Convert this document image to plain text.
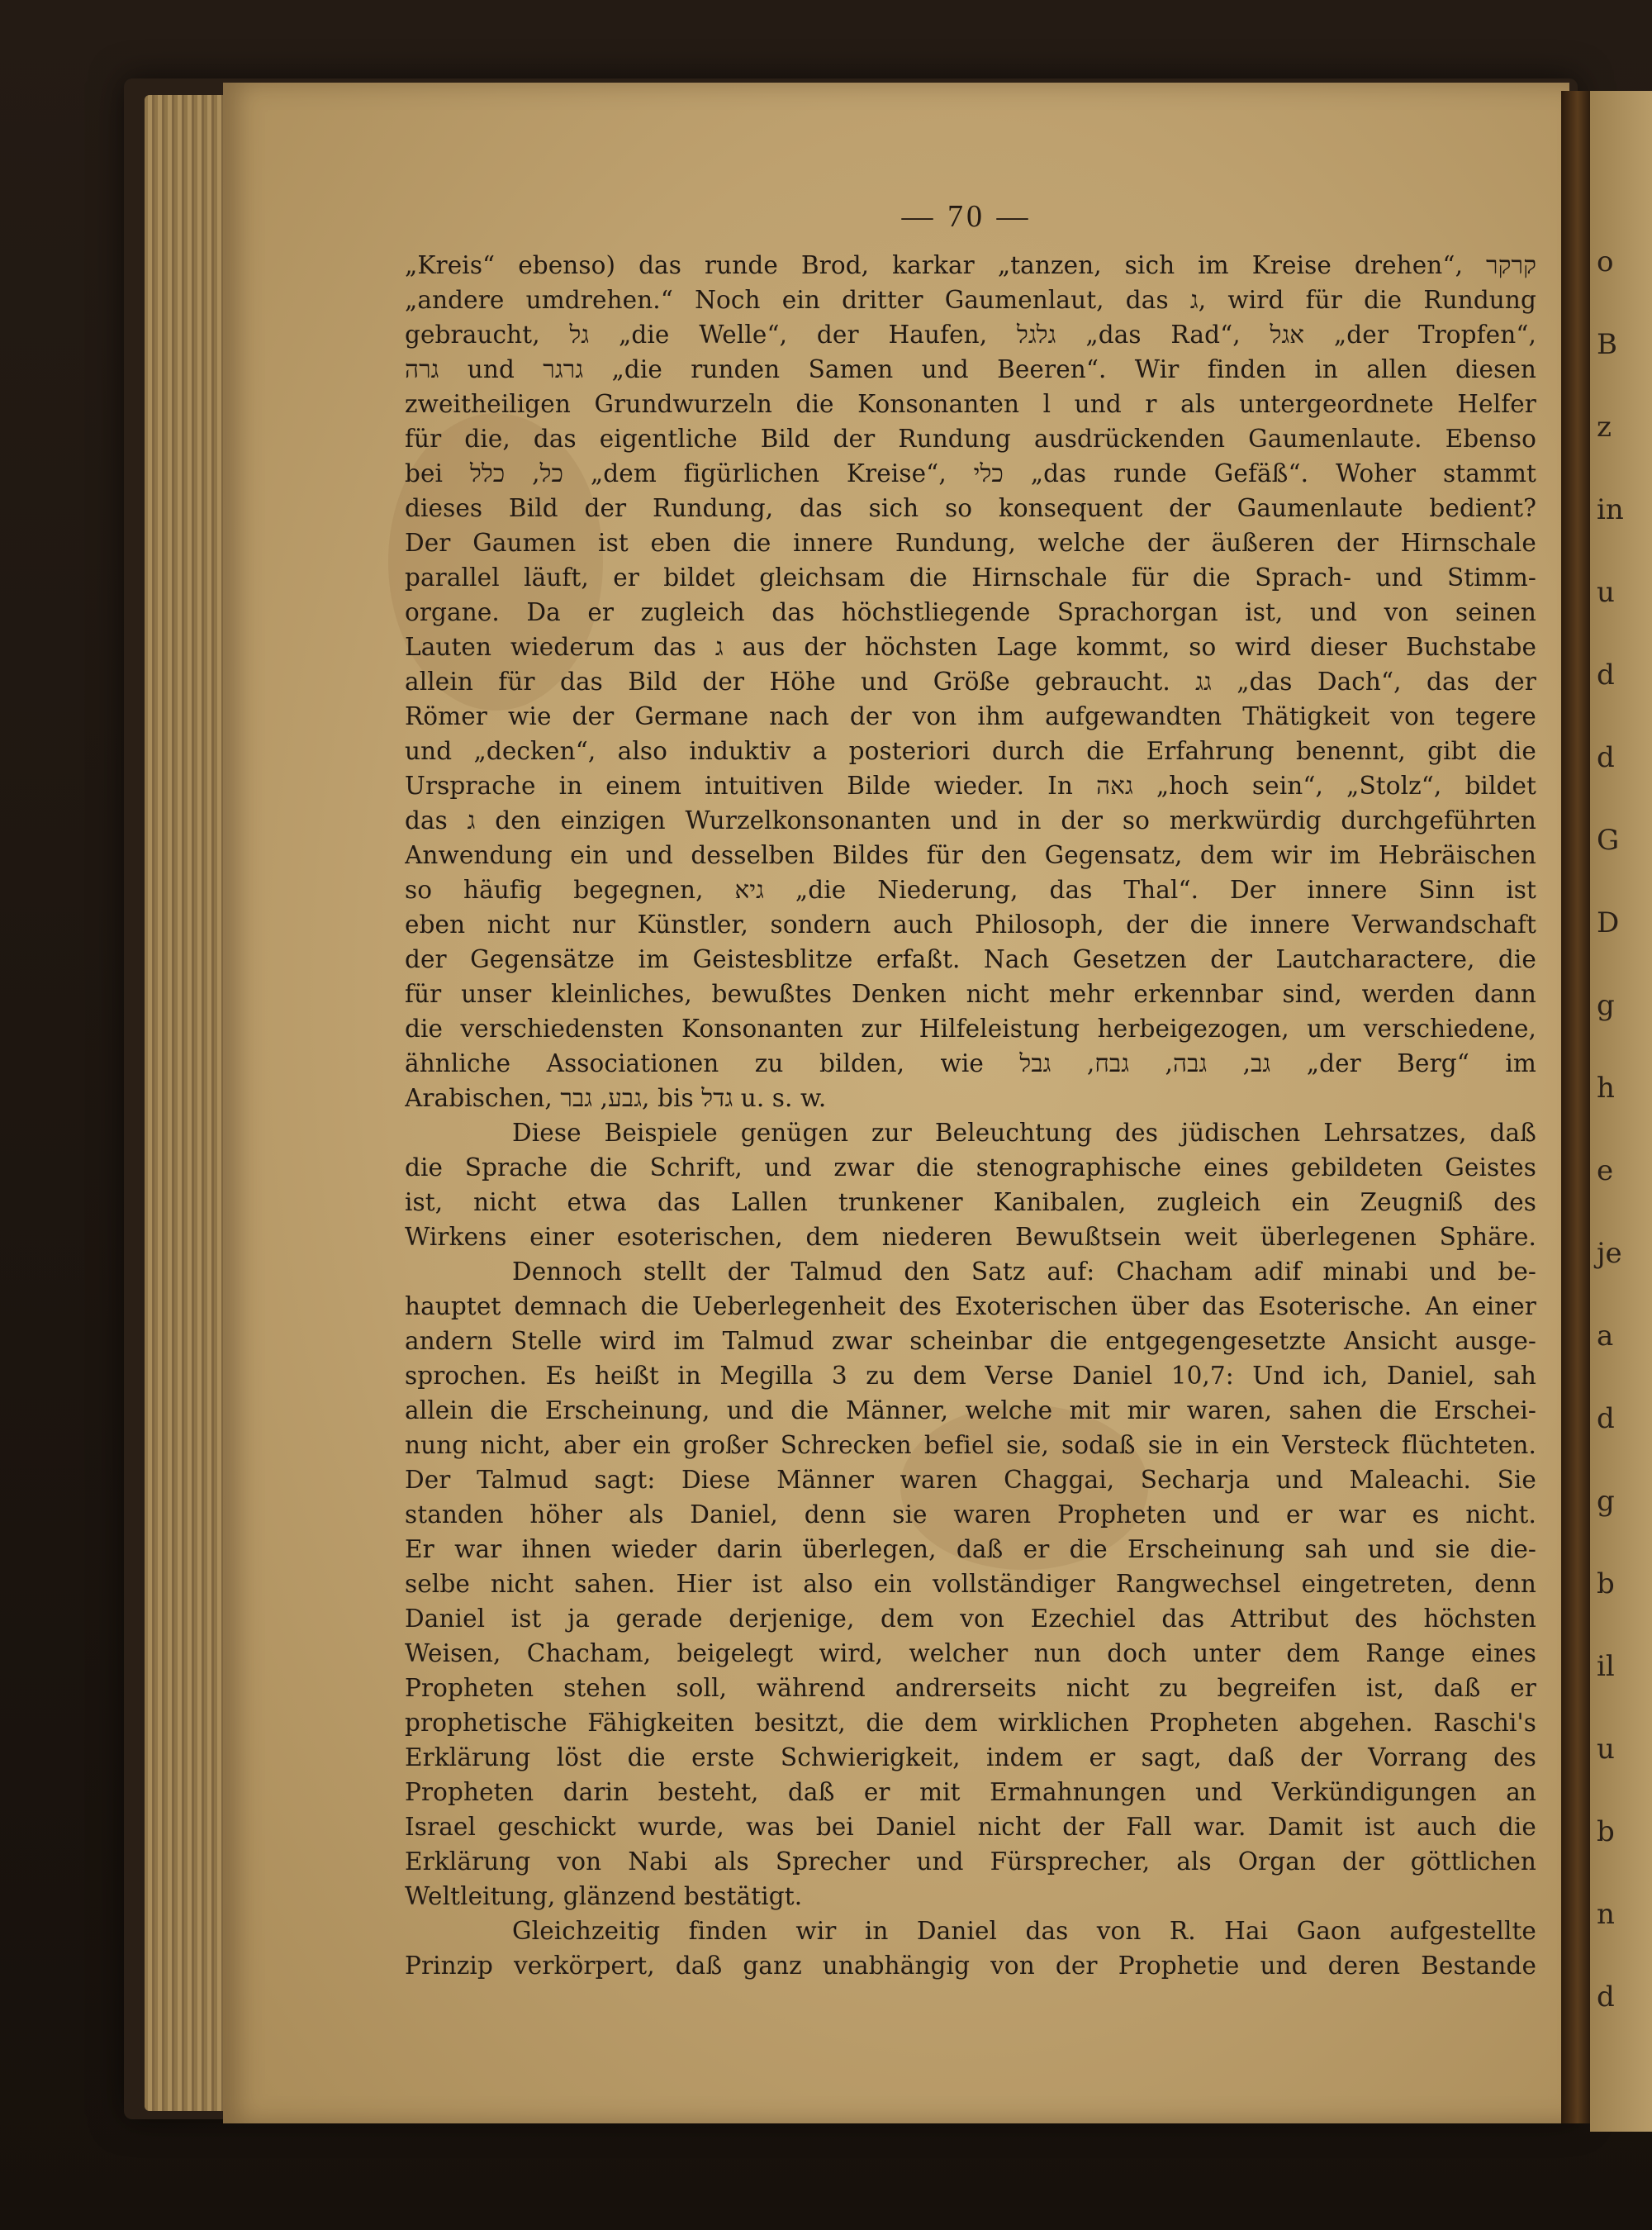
o
B
z
in
u
d
d
G
D
g
h
e
je
a
d
g
b
il
u
b
n
d
— 70 —
„Kreis“ ebenso) das runde Brod, karkar „tanzen, sich im Kreise drehen“, קרקר
„andere umdrehen.“ Noch ein dritter Gaumenlaut, das ג, wird für die Rundung
gebraucht, גל „die Welle“, der Haufen, גלגל „das Rad“, אגל „der Tropfen“,
גרה und גרגר „die runden Samen und Beeren“. Wir finden in allen diesen
zweitheiligen Grundwurzeln die Konsonanten l und r als untergeordnete Helfer
für die, das eigentliche Bild der Rundung ausdrückenden Gaumenlaute. Ebenso
bei כל, כלל „dem figürlichen Kreise“, כלי „das runde Gefäß“. Woher stammt
dieses Bild der Rundung, das sich so konsequent der Gaumenlaute bedient?
Der Gaumen ist eben die innere Rundung, welche der äußeren der Hirnschale
parallel läuft, er bildet gleichsam die Hirnschale für die Sprach- und Stimm-
organe. Da er zugleich das höchstliegende Sprachorgan ist, und von seinen
Lauten wiederum das ג aus der höchsten Lage kommt, so wird dieser Buchstabe
allein für das Bild der Höhe und Größe gebraucht. גג „das Dach“, das der
Römer wie der Germane nach der von ihm aufgewandten Thätigkeit von tegere
und „decken“, also induktiv a posteriori durch die Erfahrung benennt, gibt die
Ursprache in einem intuitiven Bilde wieder. In גאה „hoch sein“, „Stolz“, bildet
das ג den einzigen Wurzelkonsonanten und in der so merkwürdig durchgeführten
Anwendung ein und desselben Bildes für den Gegensatz, dem wir im Hebräischen
so häufig begegnen, גיא „die Niederung, das Thal“. Der innere Sinn ist
eben nicht nur Künstler, sondern auch Philosoph, der die innere Verwandschaft
der Gegensätze im Geistesblitze erfaßt. Nach Gesetzen der Lautcharactere, die
für unser kleinliches, bewußtes Denken nicht mehr erkennbar sind, werden dann
die verschiedensten Konsonanten zur Hilfeleistung herbeigezogen, um verschiedene,
ähnliche Associationen zu bilden, wie גב, גבה, גבח, גבל „der Berg“ im
Arabischen, גבע, גבר, bis גדל u. s. w.
Diese Beispiele genügen zur Beleuchtung des jüdischen Lehrsatzes, daß
die Sprache die Schrift, und zwar die stenographische eines gebildeten Geistes
ist, nicht etwa das Lallen trunkener Kanibalen, zugleich ein Zeugniß des
Wirkens einer esoterischen, dem niederen Bewußtsein weit überlegenen Sphäre.
Dennoch stellt der Talmud den Satz auf: Chacham adif minabi und be-
hauptet demnach die Ueberlegenheit des Exoterischen über das Esoterische. An einer
andern Stelle wird im Talmud zwar scheinbar die entgegengesetzte Ansicht ausge-
sprochen. Es heißt in Megilla 3 zu dem Verse Daniel 10,7: Und ich, Daniel, sah
allein die Erscheinung, und die Männer, welche mit mir waren, sahen die Erschei-
nung nicht, aber ein großer Schrecken befiel sie, sodaß sie in ein Versteck flüchteten.
Der Talmud sagt: Diese Männer waren Chaggai, Secharja und Maleachi. Sie
standen höher als Daniel, denn sie waren Propheten und er war es nicht.
Er war ihnen wieder darin überlegen, daß er die Erscheinung sah und sie die-
selbe nicht sahen. Hier ist also ein vollständiger Rangwechsel eingetreten, denn
Daniel ist ja gerade derjenige, dem von Ezechiel das Attribut des höchsten
Weisen, Chacham, beigelegt wird, welcher nun doch unter dem Range eines
Propheten stehen soll, während andrerseits nicht zu begreifen ist, daß er
prophetische Fähigkeiten besitzt, die dem wirklichen Propheten abgehen. Raschi's
Erklärung löst die erste Schwierigkeit, indem er sagt, daß der Vorrang des
Propheten darin besteht, daß er mit Ermahnungen und Verkündigungen an
Israel geschickt wurde, was bei Daniel nicht der Fall war. Damit ist auch die
Erklärung von Nabi als Sprecher und Fürsprecher, als Organ der göttlichen
Weltleitung, glänzend bestätigt.
Gleichzeitig finden wir in Daniel das von R. Hai Gaon aufgestellte
Prinzip verkörpert, daß ganz unabhängig von der Prophetie und deren Bestande
